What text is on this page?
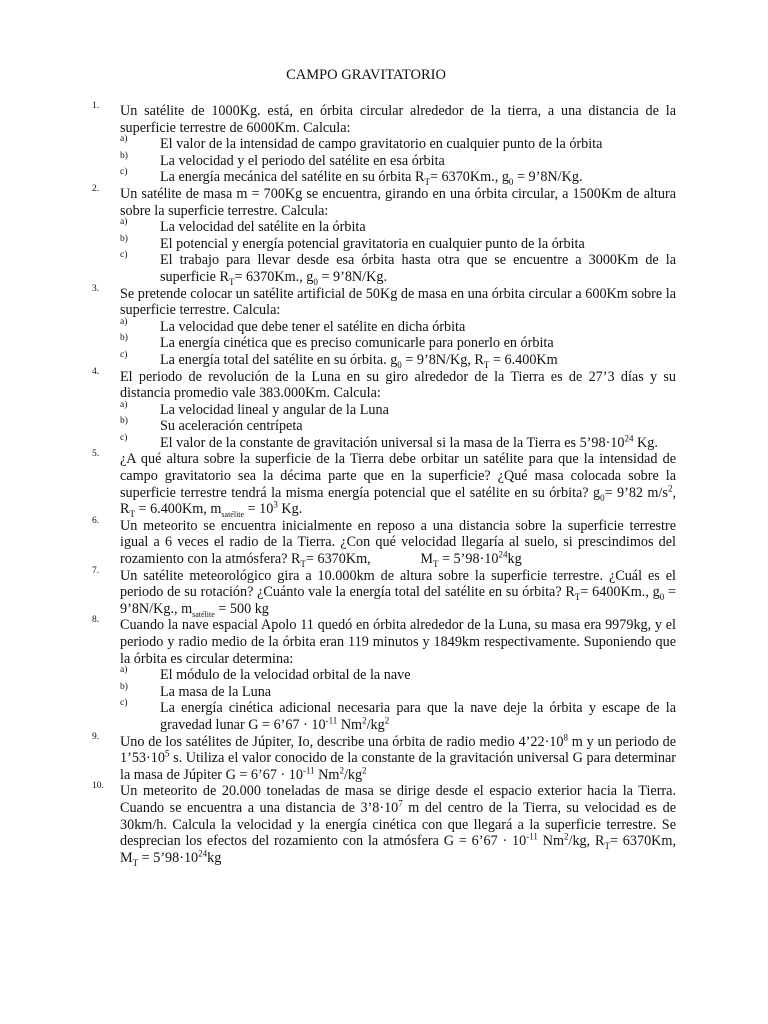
CAMPO GRAVITATORIO
1. Un satélite de 1000Kg. está, en órbita circular alrededor de la tierra, a una distancia de la superficie terrestre de 6000Km. Calcula:
a) El valor de la intensidad de campo gravitatorio en cualquier punto de la órbita
b) La velocidad y el periodo del satélite en esa órbita
c) La energía mecánica del satélite en su órbita $R_T= 6370Km$., $g_0$ = 9’8N/Kg.
2. Un satélite de masa m = 700Kg se encuentra, girando en una órbita circular, a 1500Km de altura sobre la superficie terrestre. Calcula:
a) La velocidad del satélite en la órbita
b) El potencial y energía potencial gravitatoria en cualquier punto de la órbita
c) El trabajo para llevar desde esa órbita hasta otra que se encuentre a 3000Km de la superficie $R_T= 6370Km$., $g_0$ = 9’8N/Kg.
3. Se pretende colocar un satélite artificial de 50Kg de masa en una órbita circular a 600Km sobre la superficie terrestre. Calcula:
a) La velocidad que debe tener el satélite en dicha órbita
b) La energía cinética que es preciso comunicarle para ponerlo en órbita
c) La energía total del satélite en su órbita. $g_0$ = 9’8N/Kg, $R_T = 6.400Km$
4. El periodo de revolución de la Luna en su giro alrededor de la Tierra es de 27’3 días y su distancia promedio vale 383.000Km. Calcula:
a) La velocidad lineal y angular de la Luna
b) Su aceleración centrípeta
c) El valor de la constante de gravitación universal si la masa de la Tierra es $5’98\cdot 10^{24}$ Kg.
5. ¿A qué altura sobre la superficie de la Tierra debe orbitar un satélite para que la intensidad de campo gravitatorio sea la décima parte que en la superficie? ¿Qué masa colocada sobre la superficie terrestre tendrá la misma energía potencial que el satélite en su órbita? $g_0=$ 9’82 $m/s^2$, $R_T = 6.400Km$, $m_{satélite} = 10^3$ Kg.
6. Un meteorito se encuentra inicialmente en reposo a una distancia sobre la superficie terrestre igual a 6 veces el radio de la Tierra. ¿Con qué velocidad llegaría al suelo, si prescindimos del rozamiento con la atmósfera? $R_T= 6370Km$,              $M_T$ = $5’98\cdot 10^{24}kg$
7. Un satélite meteorológico gira a 10.000km de altura sobre la superficie terrestre. ¿Cuál es el periodo de su rotación? ¿Cuánto vale la energía total del satélite en su órbita? $R_T= 6400Km$., $g_0$ = 9’8N/Kg., $m_{satélite} = 500$ kg
8. Cuando la nave espacial Apolo 11 quedó en órbita alrededor de la Luna, su masa era 9979kg, y el periodo y radio medio de la órbita eran 119 minutos y 1849km respectivamente. Suponiendo que la órbita es circular determina:
a) El módulo de la velocidad orbital de la nave
b) La masa de la Luna
c) La energía cinética adicional necesaria para que la nave deje la órbita y escape de la gravedad lunar G = 6’67 · $10^{-11}$ $Nm^2/kg^2$
9. Uno de los satélites de Júpiter, Io, describe una órbita de radio medio $4’22\cdot 10^8$ m y un periodo de $1’53\cdot 10^5$ s. Utiliza el valor conocido de la constante de la gravitación universal G para determinar la masa de Júpiter G = 6’67 · $10^{-11}$ $Nm^2/kg^2$
10. Un meteorito de 20.000 toneladas de masa se dirige desde el espacio exterior hacia la Tierra. Cuando se encuentra a una distancia de $3’8\cdot 10^7$ m del centro de la Tierra, su velocidad es de 30km/h. Calcula la velocidad y la energía cinética con que llegará a la superficie terrestre. Se desprecian los efectos del rozamiento con la atmósfera G = 6’67 · $10^{-11}$ Nm$^2$/kg, $R_T= 6370Km$, $M_T$ = $5’98\cdot 10^{24}kg$
